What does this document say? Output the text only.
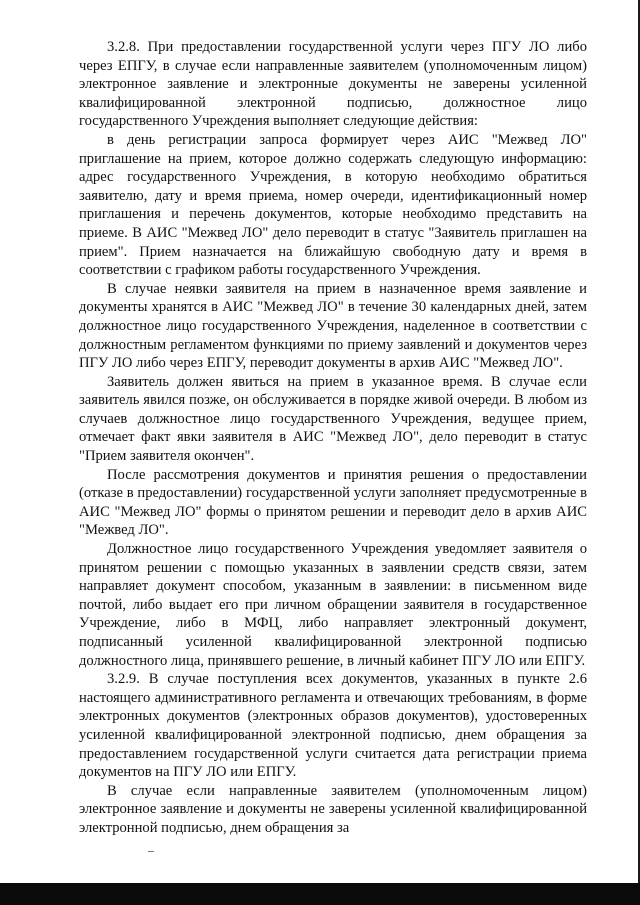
3.2.8. При предоставлении государственной услуги через ПГУ ЛО либо через ЕПГУ, в случае если направленные заявителем (уполномоченным лицом) электронное заявление и электронные документы не заверены усиленной квалифицированной электронной подписью, должностное лицо государственного Учреждения выполняет следующие действия:

в день регистрации запроса формирует через АИС "Межвед ЛО" приглашение на прием, которое должно содержать следующую информацию: адрес государственного Учреждения, в которую необходимо обратиться заявителю, дату и время приема, номер очереди, идентификационный номер приглашения и перечень документов, которые необходимо представить на приеме. В АИС "Межвед ЛО" дело переводит в статус "Заявитель приглашен на прием". Прием назначается на ближайшую свободную дату и время в соответствии с графиком работы государственного Учреждения.

В случае неявки заявителя на прием в назначенное время заявление и документы хранятся в АИС "Межвед ЛО" в течение 30 календарных дней, затем должностное лицо государственного Учреждения, наделенное в соответствии с должностным регламентом функциями по приему заявлений и документов через ПГУ ЛО либо через ЕПГУ, переводит документы в архив АИС "Межвед ЛО".

Заявитель должен явиться на прием в указанное время. В случае если заявитель явился позже, он обслуживается в порядке живой очереди. В любом из случаев должностное лицо государственного Учреждения, ведущее прием, отмечает факт явки заявителя в АИС "Межвед ЛО", дело переводит в статус "Прием заявителя окончен".

После рассмотрения документов и принятия решения о предоставлении (отказе в предоставлении) государственной услуги заполняет предусмотренные в АИС "Межвед ЛО" формы о принятом решении и переводит дело в архив АИС "Межвед ЛО".

Должностное лицо государственного Учреждения уведомляет заявителя о принятом решении с помощью указанных в заявлении средств связи, затем направляет документ способом, указанным в заявлении: в письменном виде почтой, либо выдает его при личном обращении заявителя в государственное Учреждение, либо в МФЦ, либо направляет электронный документ, подписанный усиленной квалифицированной электронной подписью должностного лица, принявшего решение, в личный кабинет ПГУ ЛО или ЕПГУ.

3.2.9. В случае поступления всех документов, указанных в пункте 2.6 настоящего административного регламента и отвечающих требованиям, в форме электронных документов (электронных образов документов), удостоверенных усиленной квалифицированной электронной подписью, днем обращения за предоставлением государственной услуги считается дата регистрации приема документов на ПГУ ЛО или ЕПГУ.

В случае если направленные заявителем (уполномоченным лицом) электронное заявление и документы не заверены усиленной квалифицированной электронной подписью, днем обращения за
